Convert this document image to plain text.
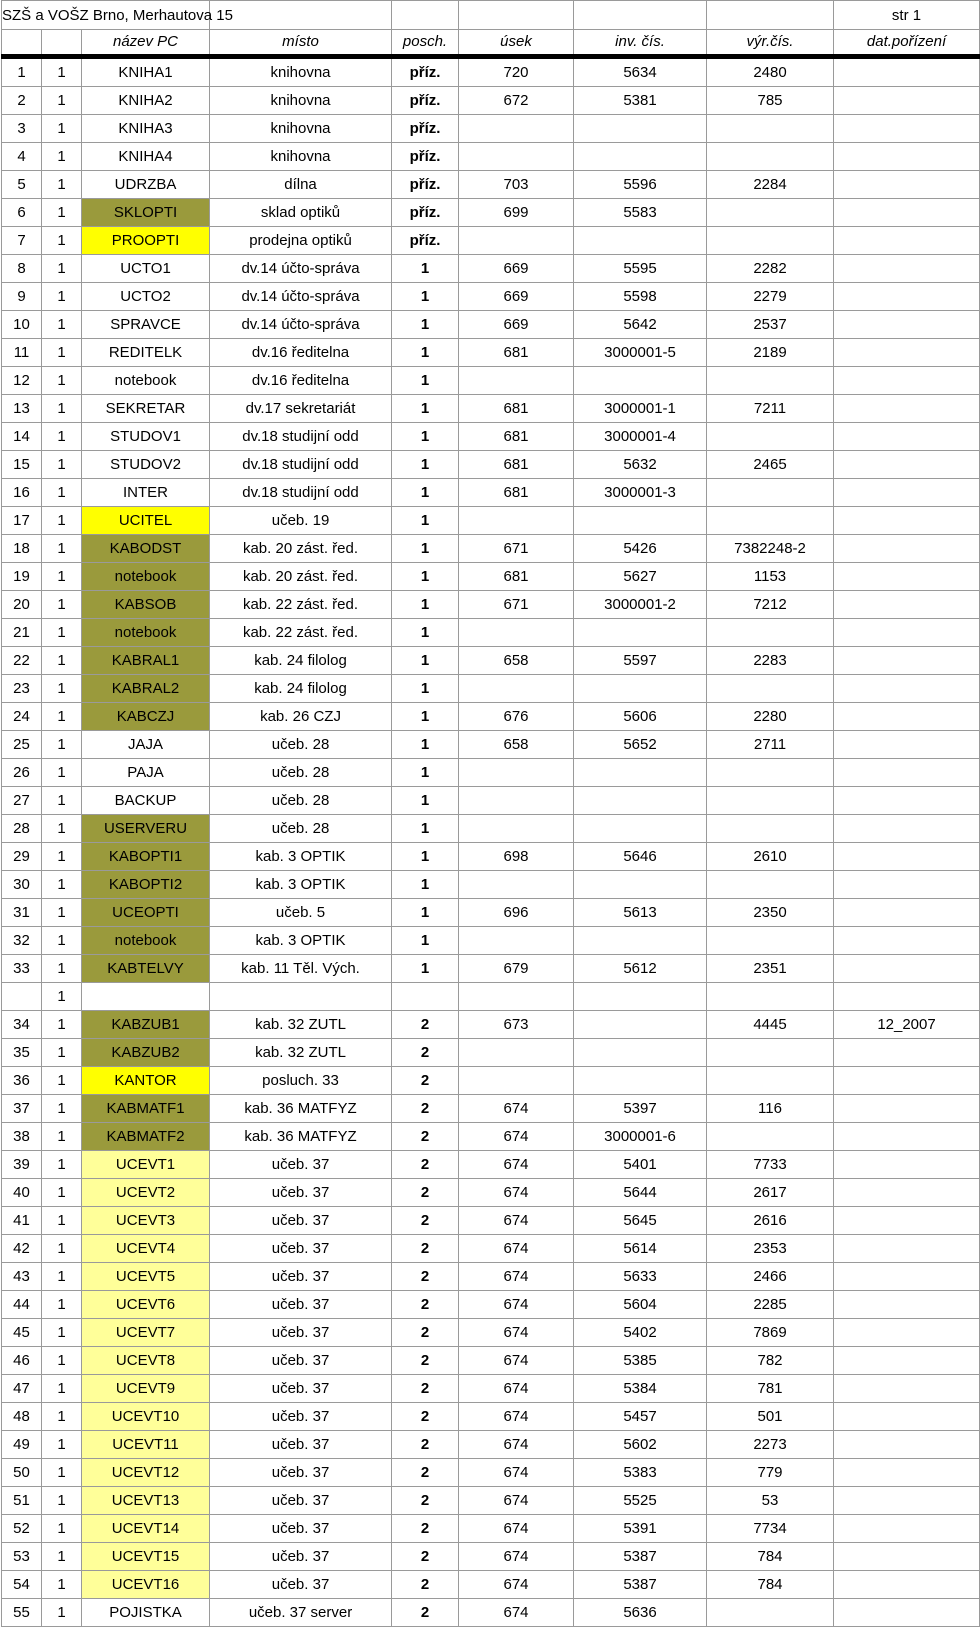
SZŠ a VOŠZ Brno, Merhautova 15								str 1
		název PC	místo	posch.	úsek	inv. čís.	výr.čís.	dat.pořízení
1	1	KNIHA1	knihovna	příz.	720	5634	2480	
2	1	KNIHA2	knihovna	příz.	672	5381	785	
3	1	KNIHA3	knihovna	příz.				
4	1	KNIHA4	knihovna	příz.				
5	1	UDRZBA	dílna	příz.	703	5596	2284	
6	1	SKLOPTI	sklad optiků	příz.	699	5583		
7	1	PROOPTI	prodejna optiků	příz.				
8	1	UCTO1	dv.14 účto-správa	1	669	5595	2282	
9	1	UCTO2	dv.14 účto-správa	1	669	5598	2279	
10	1	SPRAVCE	dv.14 účto-správa	1	669	5642	2537	
11	1	REDITELK	dv.16 ředitelna	1	681	3000001-5	2189	
12	1	notebook	dv.16 ředitelna	1				
13	1	SEKRETAR	dv.17 sekretariát	1	681	3000001-1	7211	
14	1	STUDOV1	dv.18 studijní odd	1	681	3000001-4		
15	1	STUDOV2	dv.18 studijní odd	1	681	5632	2465	
16	1	INTER	dv.18 studijní odd	1	681	3000001-3		
17	1	UCITEL	učeb. 19	1				
18	1	KABODST	kab. 20 zást. řed.	1	671	5426	7382248-2	
19	1	notebook	kab. 20 zást. řed.	1	681	5627	1153	
20	1	KABSOB	kab. 22 zást. řed.	1	671	3000001-2	7212	
21	1	notebook	kab. 22 zást. řed.	1				
22	1	KABRAL1	kab. 24 filolog	1	658	5597	2283	
23	1	KABRAL2	kab. 24 filolog	1				
24	1	KABCZJ	kab. 26 CZJ	1	676	5606	2280	
25	1	JAJA	učeb. 28	1	658	5652	2711	
26	1	PAJA	učeb. 28	1				
27	1	BACKUP	učeb. 28	1				
28	1	USERVERU	učeb. 28	1				
29	1	KABOPTI1	kab. 3 OPTIK	1	698	5646	2610	
30	1	KABOPTI2	kab. 3 OPTIK	1				
31	1	UCEOPTI	učeb. 5	1	696	5613	2350	
32	1	notebook	kab. 3 OPTIK	1				
33	1	KABTELVY	kab. 11 Těl. Vých.	1	679	5612	2351	
	1							
34	1	KABZUB1	kab. 32 ZUTL	2	673		4445	12_2007
35	1	KABZUB2	kab. 32 ZUTL	2				
36	1	KANTOR	posluch. 33	2				
37	1	KABMATF1	kab. 36 MATFYZ	2	674	5397	116	
38	1	KABMATF2	kab. 36 MATFYZ	2	674	3000001-6		
39	1	UCEVT1	učeb. 37	2	674	5401	7733	
40	1	UCEVT2	učeb. 37	2	674	5644	2617	
41	1	UCEVT3	učeb. 37	2	674	5645	2616	
42	1	UCEVT4	učeb. 37	2	674	5614	2353	
43	1	UCEVT5	učeb. 37	2	674	5633	2466	
44	1	UCEVT6	učeb. 37	2	674	5604	2285	
45	1	UCEVT7	učeb. 37	2	674	5402	7869	
46	1	UCEVT8	učeb. 37	2	674	5385	782	
47	1	UCEVT9	učeb. 37	2	674	5384	781	
48	1	UCEVT10	učeb. 37	2	674	5457	501	
49	1	UCEVT11	učeb. 37	2	674	5602	2273	
50	1	UCEVT12	učeb. 37	2	674	5383	779	
51	1	UCEVT13	učeb. 37	2	674	5525	53	
52	1	UCEVT14	učeb. 37	2	674	5391	7734	
53	1	UCEVT15	učeb. 37	2	674	5387	784	
54	1	UCEVT16	učeb. 37	2	674	5387	784	
55	1	POJISTKA	učeb. 37 server	2	674	5636		
